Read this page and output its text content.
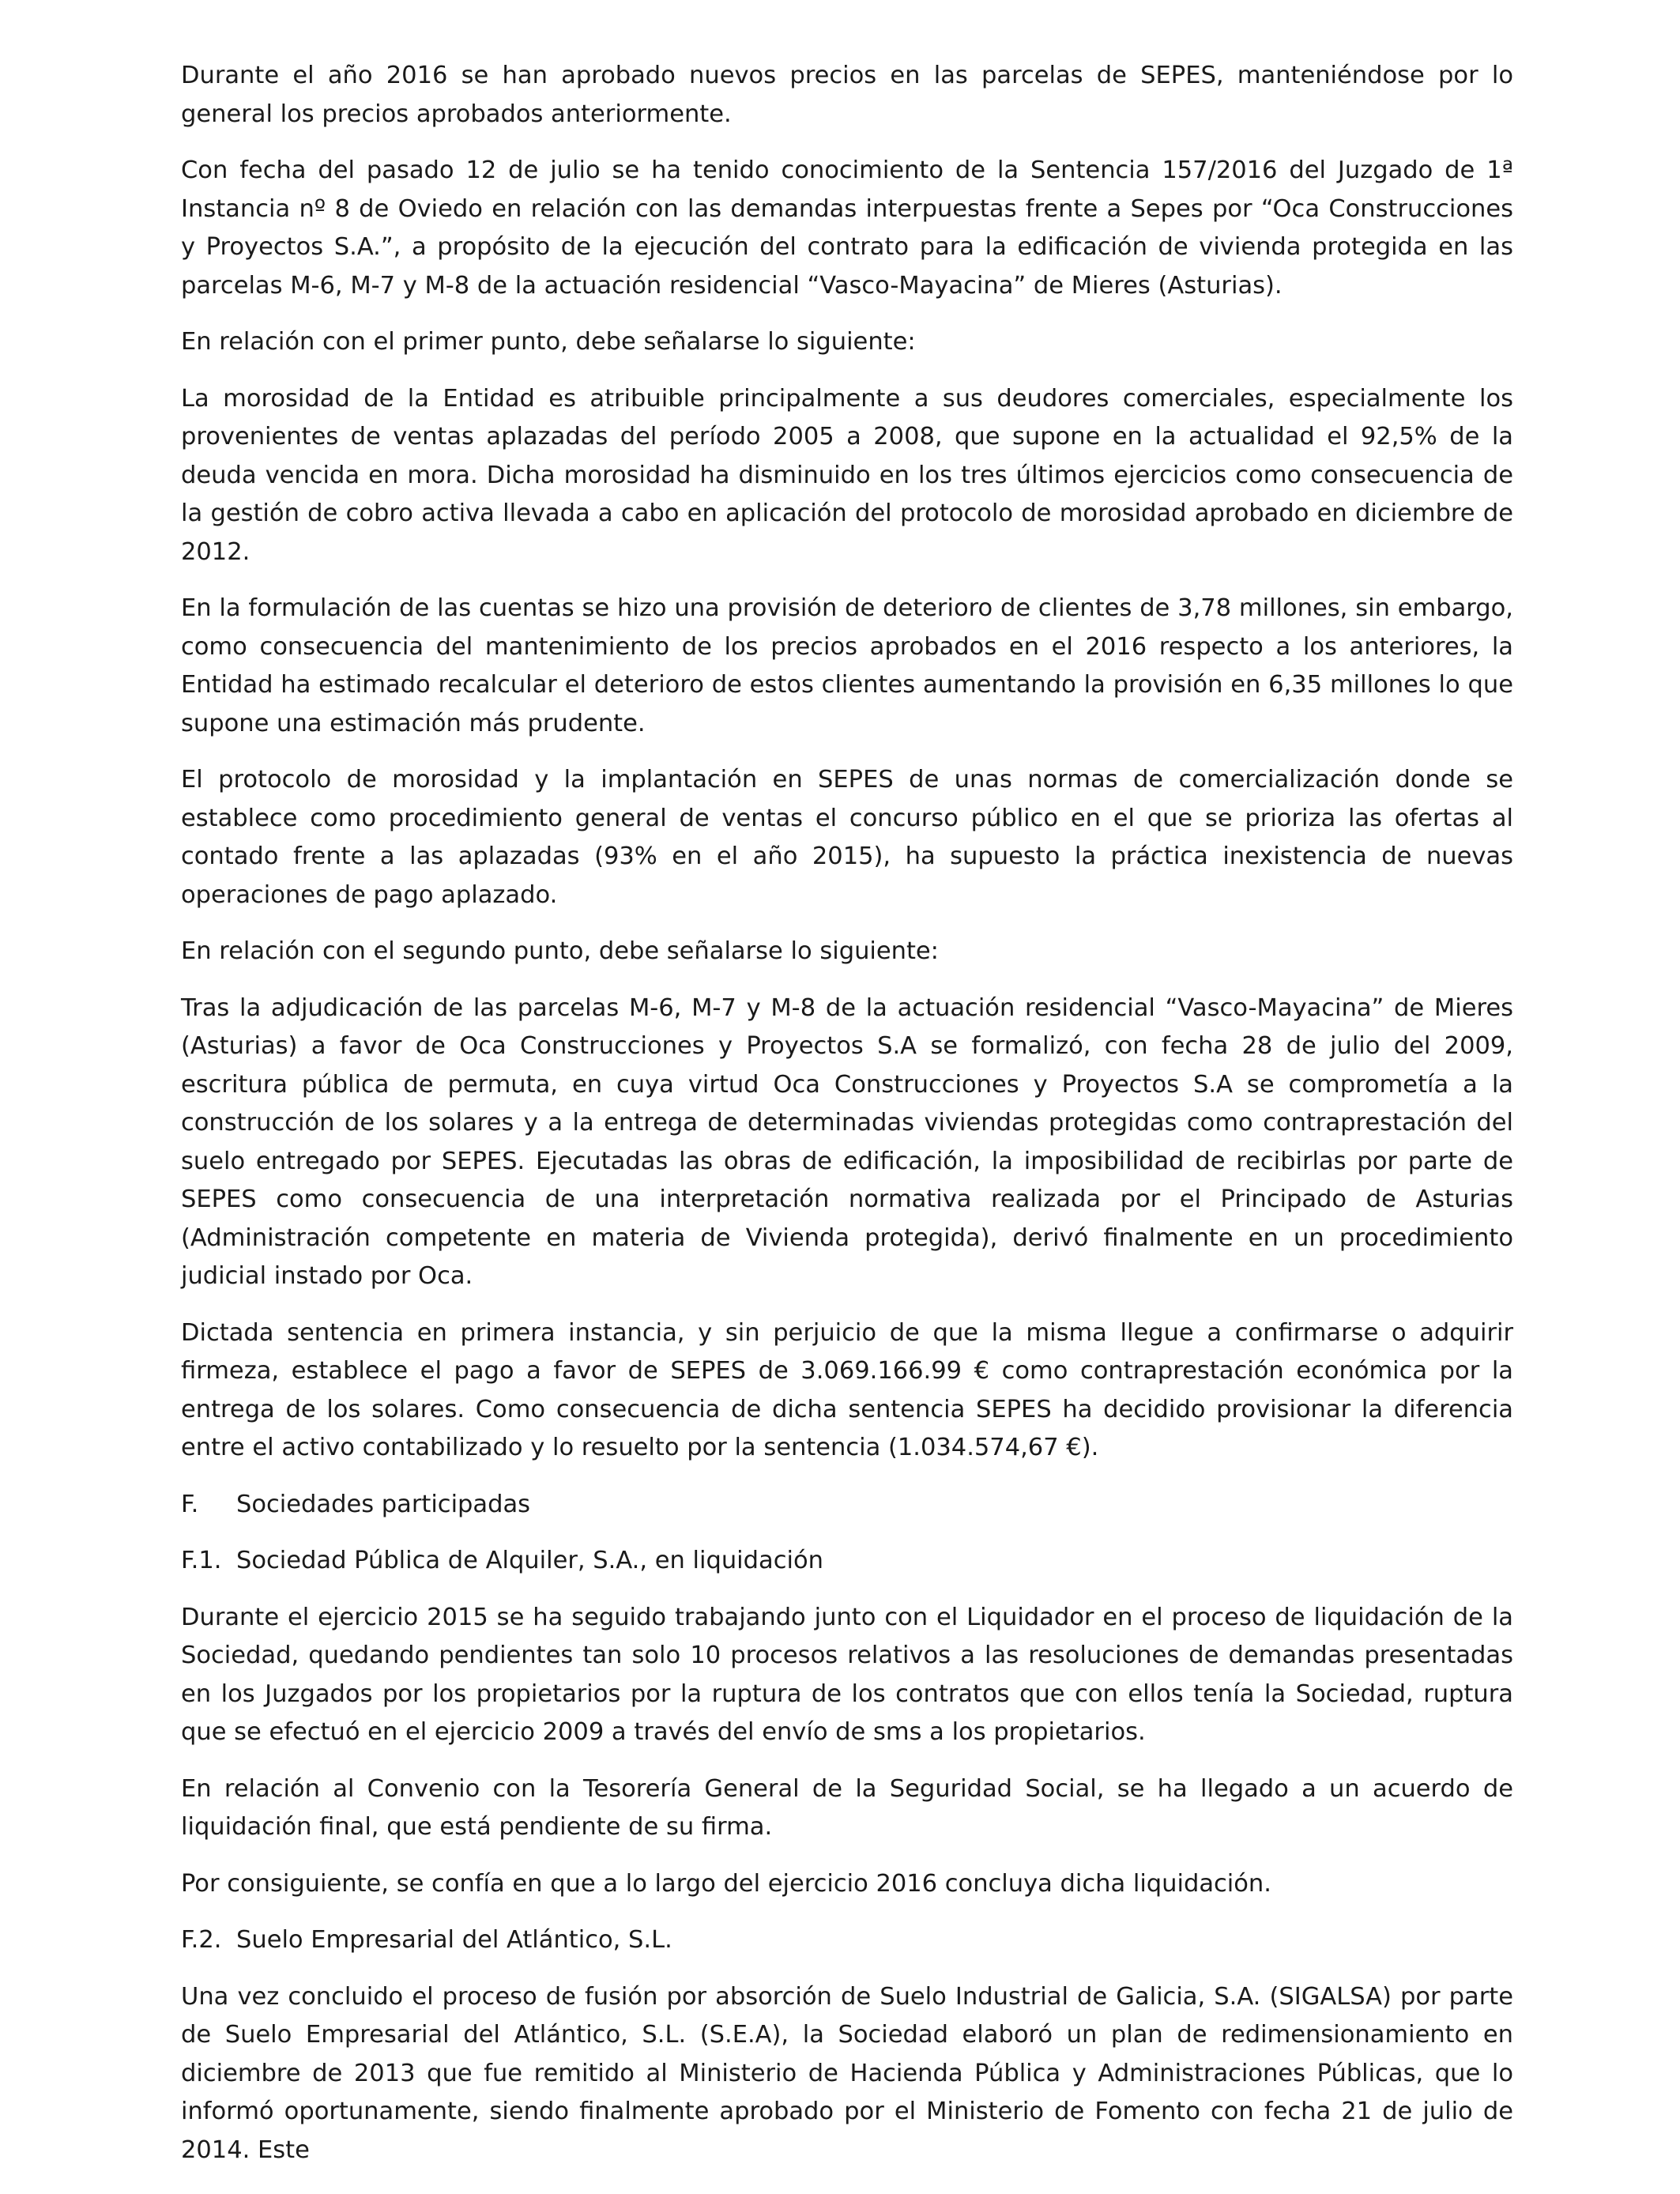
Durante el año 2016 se han aprobado nuevos precios en las parcelas de SEPES, manteniéndose por lo general los precios aprobados anteriormente.

Con fecha del pasado 12 de julio se ha tenido conocimiento de la Sentencia 157/2016 del Juzgado de 1ª Instancia nº 8 de Oviedo en relación con las demandas interpuestas frente a Sepes por “Oca Construcciones y Proyectos S.A.”, a propósito de la ejecución del contrato para la edificación de vivienda protegida en las parcelas M-6, M-7 y M-8 de la actuación residencial “Vasco-Mayacina” de Mieres (Asturias).

En relación con el primer punto, debe señalarse lo siguiente:

La morosidad de la Entidad es atribuible principalmente a sus deudores comerciales, especialmente los provenientes de ventas aplazadas del período 2005 a 2008, que supone en la actualidad el 92,5% de la deuda vencida en mora. Dicha morosidad ha disminuido en los tres últimos ejercicios como consecuencia de la gestión de cobro activa llevada a cabo en aplicación del protocolo de morosidad aprobado en diciembre de 2012.

En la formulación de las cuentas se hizo una provisión de deterioro de clientes de 3,78 millones, sin embargo, como consecuencia del mantenimiento de los precios aprobados en el 2016 respecto a los anteriores, la Entidad ha estimado recalcular el deterioro de estos clientes aumentando la provisión en 6,35 millones lo que supone una estimación más prudente.

El protocolo de morosidad y la implantación en SEPES de unas normas de comercialización donde se establece como procedimiento general de ventas el concurso público en el que se prioriza las ofertas al contado frente a las aplazadas (93% en el año 2015), ha supuesto la práctica inexistencia de nuevas operaciones de pago aplazado.

En relación con el segundo punto, debe señalarse lo siguiente:

Tras la adjudicación de las parcelas M-6, M-7 y M-8 de la actuación residencial “Vasco-Mayacina” de Mieres (Asturias) a favor de Oca Construcciones y Proyectos S.A se formalizó, con fecha 28 de julio del 2009, escritura pública de permuta, en cuya virtud Oca Construcciones y Proyectos S.A se comprometía a la construcción de los solares y a la entrega de determinadas viviendas protegidas como contraprestación del suelo entregado por SEPES. Ejecutadas las obras de edificación, la imposibilidad de recibirlas por parte de SEPES como consecuencia de una interpretación normativa realizada por el Principado de Asturias (Administración competente en materia de Vivienda protegida), derivó finalmente en un procedimiento judicial instado por Oca.

Dictada sentencia en primera instancia, y sin perjuicio de que la misma llegue a confirmarse o adquirir firmeza, establece el pago a favor de SEPES de 3.069.166.99 € como contraprestación económica por la entrega de los solares. Como consecuencia de dicha sentencia SEPES ha decidido provisionar la diferencia entre el activo contabilizado y lo resuelto por la sentencia (1.034.574,67 €).

F. Sociedades participadas

F.1. Sociedad Pública de Alquiler, S.A., en liquidación

Durante el ejercicio 2015 se ha seguido trabajando junto con el Liquidador en el proceso de liquidación de la Sociedad, quedando pendientes tan solo 10 procesos relativos a las resoluciones de demandas presentadas en los Juzgados por los propietarios por la ruptura de los contratos que con ellos tenía la Sociedad, ruptura que se efectuó en el ejercicio 2009 a través del envío de sms a los propietarios.

En relación al Convenio con la Tesorería General de la Seguridad Social, se ha llegado a un acuerdo de liquidación final, que está pendiente de su firma.

Por consiguiente, se confía en que a lo largo del ejercicio 2016 concluya dicha liquidación.

F.2. Suelo Empresarial del Atlántico, S.L.

Una vez concluido el proceso de fusión por absorción de Suelo Industrial de Galicia, S.A. (SIGALSA) por parte de Suelo Empresarial del Atlántico, S.L. (S.E.A), la Sociedad elaboró un plan de redimensionamiento en diciembre de 2013 que fue remitido al Ministerio de Hacienda Pública y Administraciones Públicas, que lo informó oportunamente, siendo finalmente aprobado por el Ministerio de Fomento con fecha 21 de julio de 2014. Este
